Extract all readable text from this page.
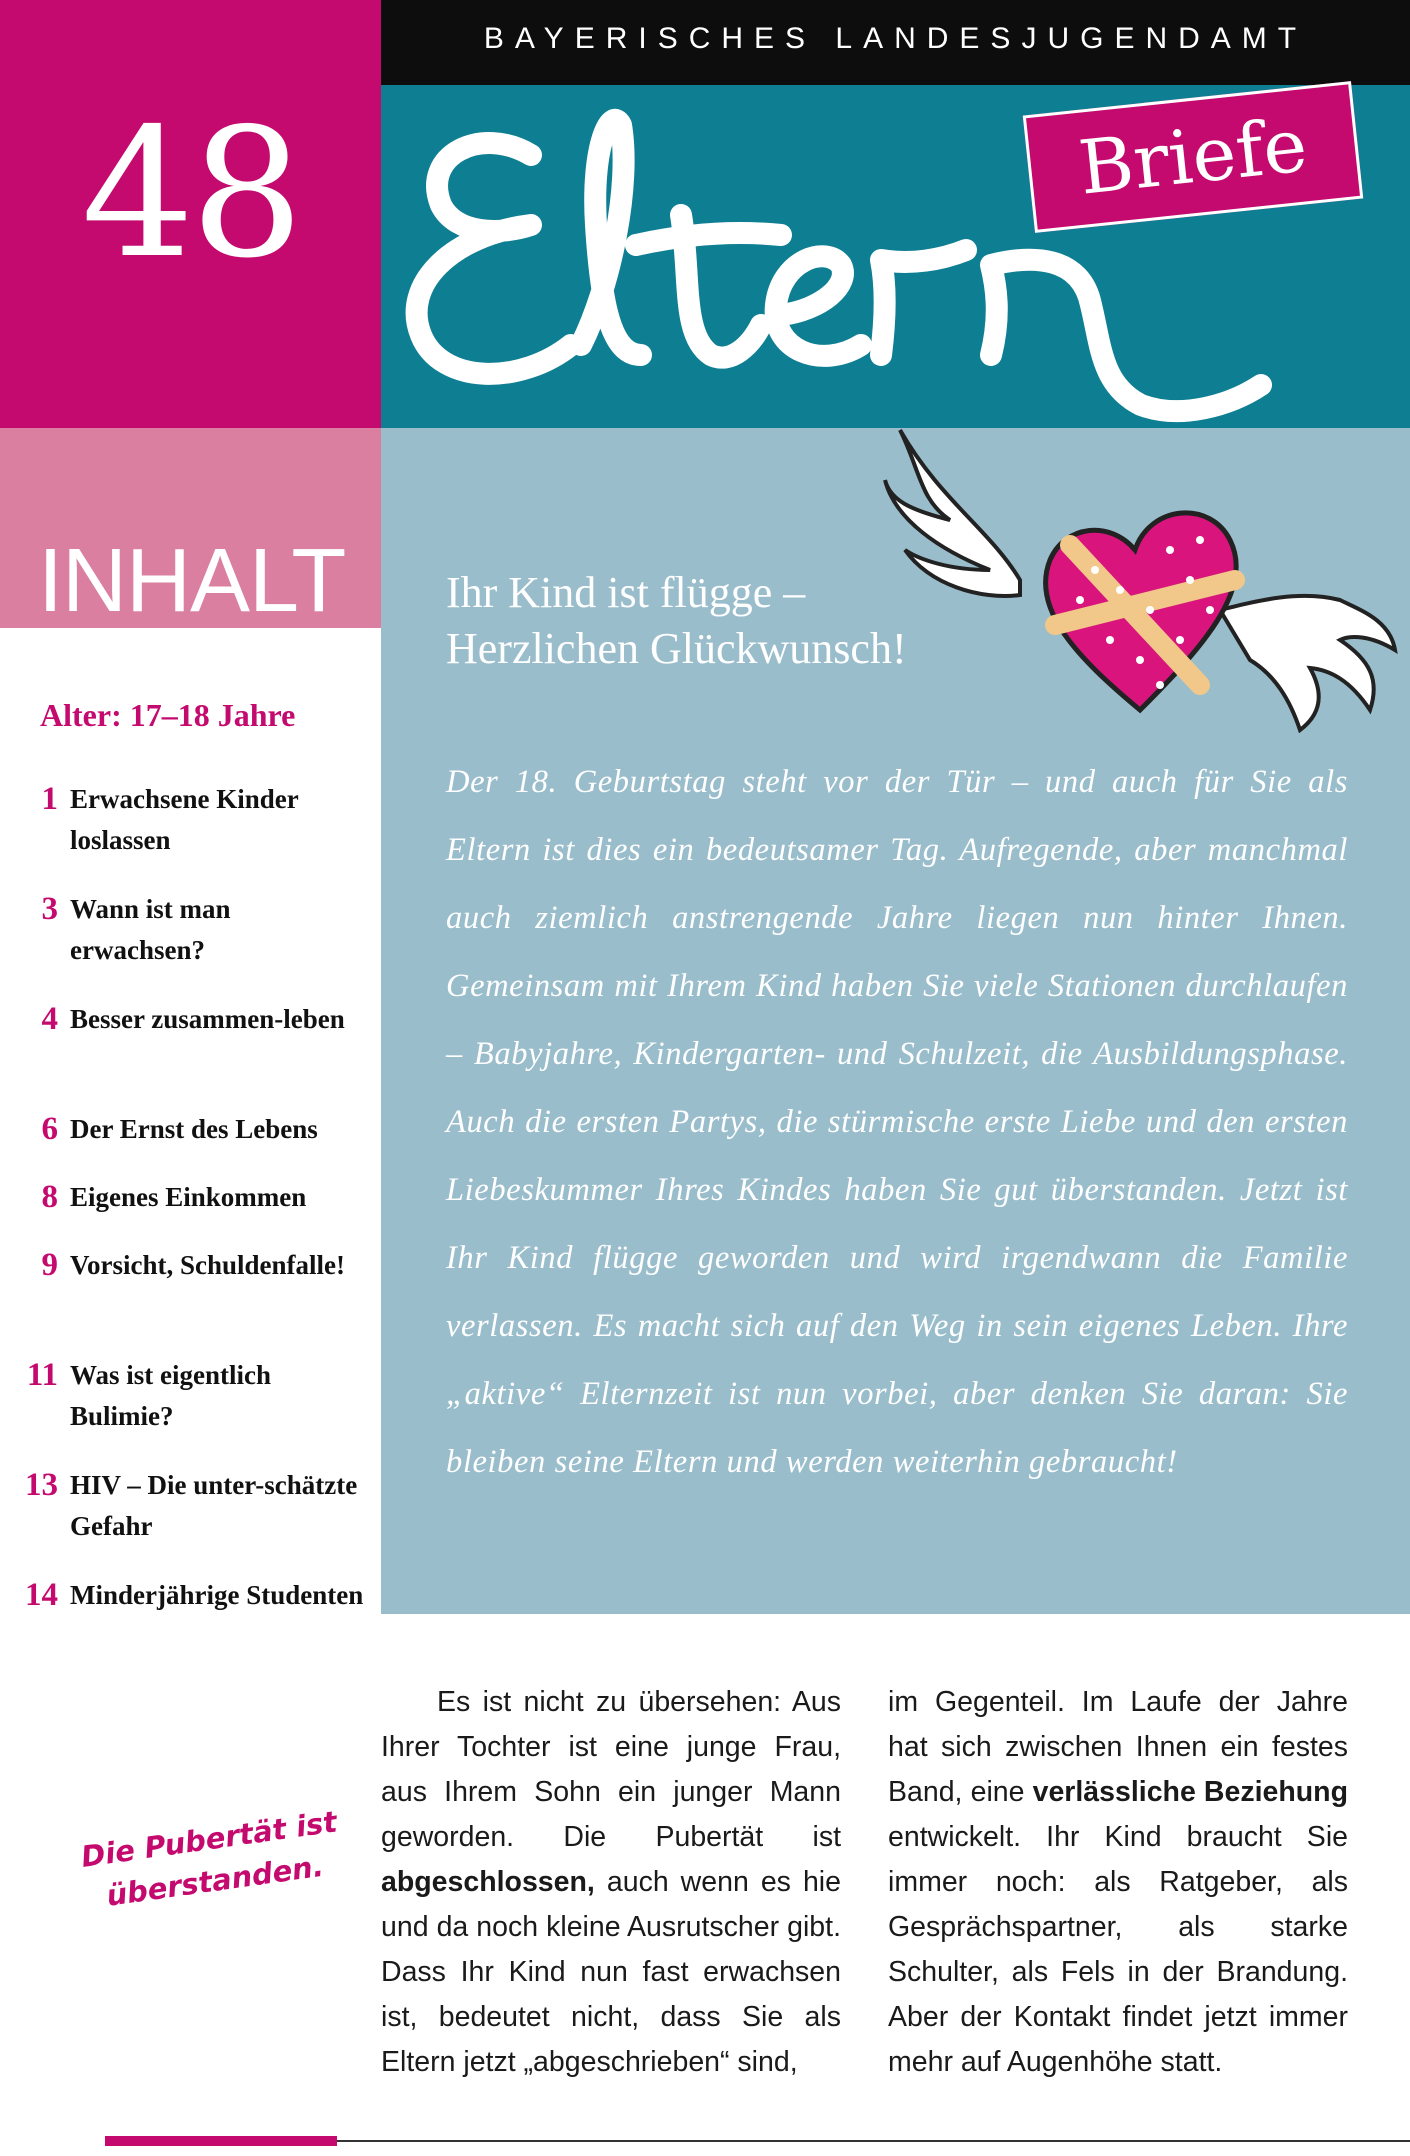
48
BAYERISCHES LANDESJUGENDAMT
Briefe
INHALT Ihr Kind ist flügge –
Herzlichen Glückwunsch!
Der 18. Geburtstag steht vor der Tür – und auch für Sie als Eltern ist dies ein bedeutsamer Tag. Aufregende, aber manchmal auch ziemlich anstrengende Jahre liegen nun hinter Ihnen. Gemeinsam mit Ihrem Kind haben Sie viele Stationen durchlaufen – Babyjahre, Kindergarten- und Schulzeit, die Ausbildungsphase. Auch die ersten Partys, die stürmische erste Liebe und den ersten Liebeskummer Ihres Kindes haben Sie gut überstanden. Jetzt ist Ihr Kind flügge geworden und wird irgendwann die Familie verlassen. Es macht sich auf den Weg in sein eigenes Leben. Ihre „aktive“ Elternzeit ist nun vorbei, aber denken Sie daran: Sie bleiben seine Eltern und werden weiterhin gebraucht!
Alter: 17–18 Jahre
1 Erwachsene Kinder loslassen
3 Wann ist man erwachsen?
4 Besser zusammen-leben
6 Der Ernst des Lebens
8 Eigenes Einkommen
9 Vorsicht, Schuldenfalle!
11 Was ist eigentlich Bulimie?
13 HIV – Die unter-schätzte Gefahr
14 Minderjährige Studenten
Die Pubertät ist überstanden.
Es ist nicht zu übersehen: Aus Ihrer Tochter ist eine junge Frau, aus Ihrem Sohn ein junger Mann geworden. Die Pubertät ist abgeschlossen, auch wenn es hie und da noch kleine Ausrutscher gibt. Dass Ihr Kind nun fast erwachsen ist, bedeutet nicht, dass Sie als Eltern jetzt „abgeschrieben“ sind,
im Gegenteil. Im Laufe der Jahre hat sich zwischen Ihnen ein festes Band, eine verlässliche Beziehung entwickelt. Ihr Kind braucht Sie immer noch: als Ratgeber, als Gesprächspartner, als starke Schulter, als Fels in der Brandung. Aber der Kontakt findet jetzt immer mehr auf Augenhöhe statt.
